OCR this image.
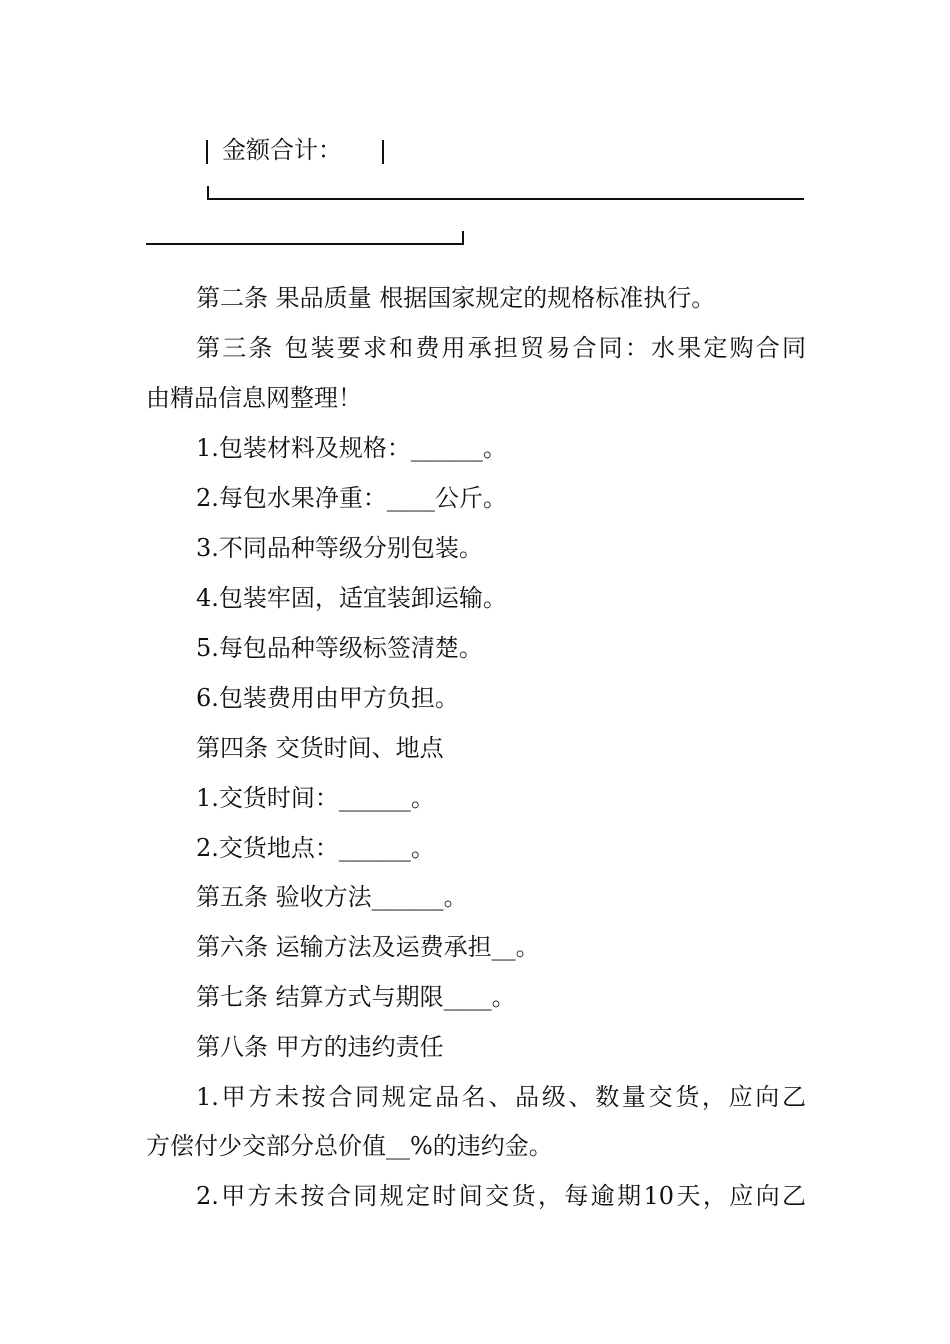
金额合计：
第二条 果品质量 根据国家规定的规格标准执行。
第三条 包装要求和费用承担贸易合同：水果定购合同
由精品信息网整理！
1.包装材料及规格：______。
2.每包水果净重：____公斤。
3.不同品种等级分别包装。
4.包装牢固，适宜装卸运输。
5.每包品种等级标签清楚。
6.包装费用由甲方负担。
第四条 交货时间、地点
1.交货时间：______。
2.交货地点：______。
第五条 验收方法______。
第六条 运输方法及运费承担__。
第七条 结算方式与期限____。
第八条 甲方的违约责任
1.甲方未按合同规定品名、品级、数量交货，应向乙
方偿付少交部分总价值__%的违约金。
2.甲方未按合同规定时间交货，每逾期10天，应向乙
